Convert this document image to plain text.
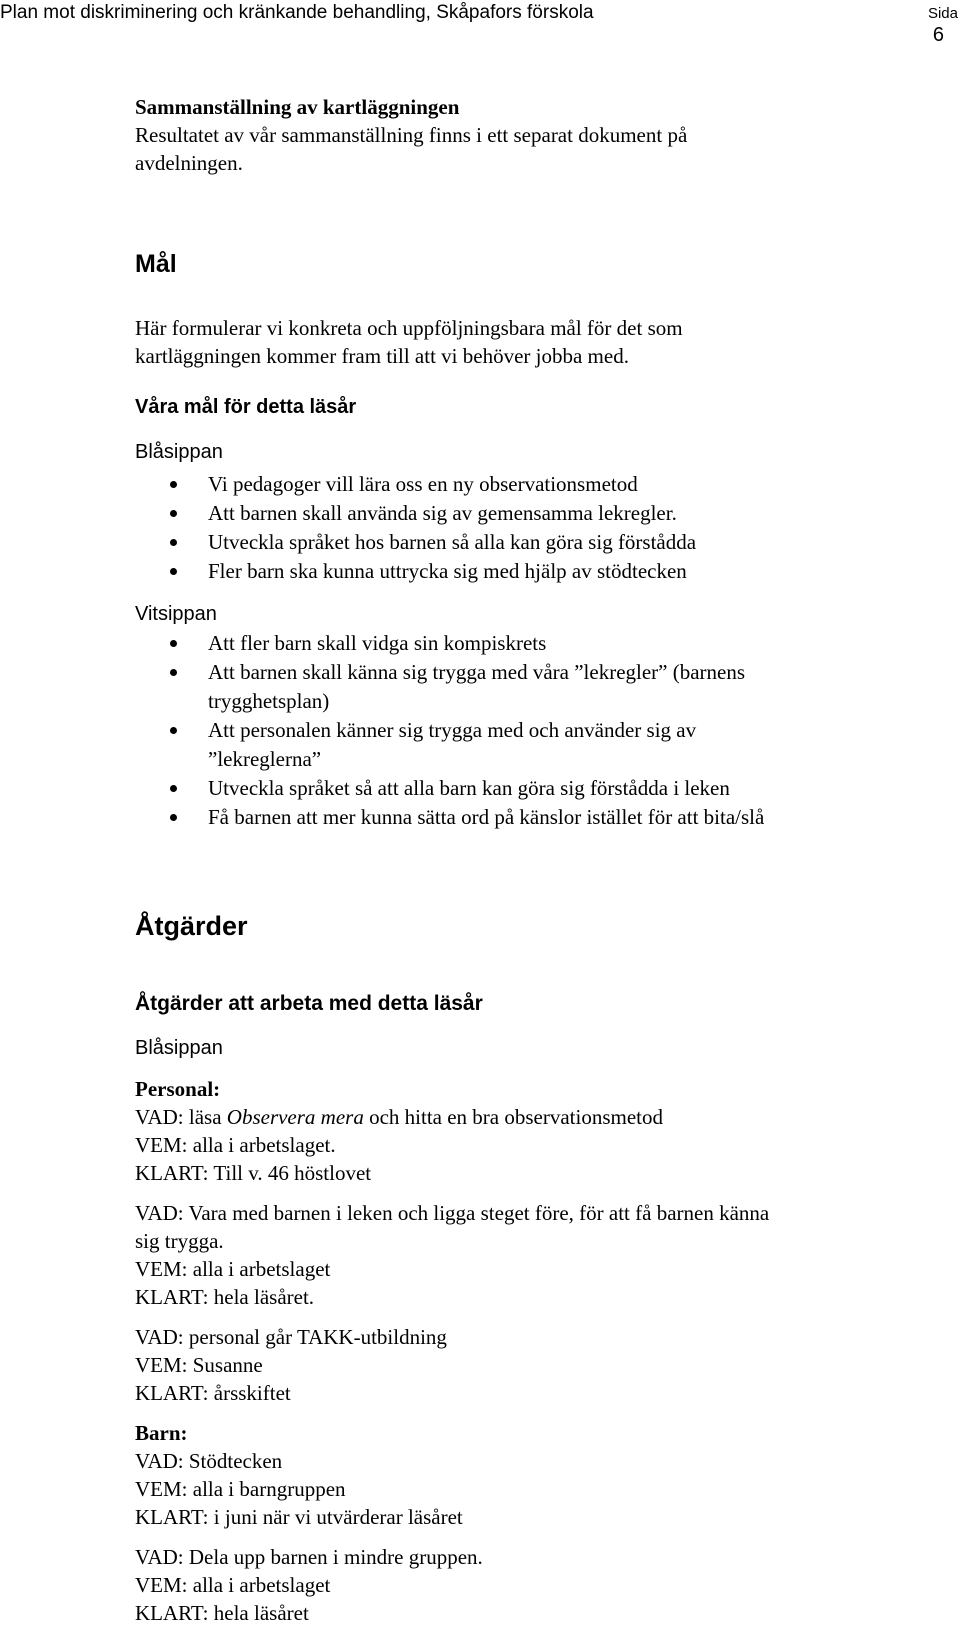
Plan mot diskriminering och kränkande behandling, Skåpafors förskola	Sida
6

Sammanställning av kartläggningen

Resultatet av vår sammanställning finns i ett separat dokument på

avdelningen.

Mål

Här formulerar vi konkreta och uppföljningsbara mål för det som

kartläggningen kommer fram till att vi behöver jobba med.

Våra mål för detta läsår

Blåsippan

Vi pedagoger vill lära oss en ny observationsmetod
Att barnen skall använda sig av gemensamma lekregler.
Utveckla språket hos barnen så alla kan göra sig förstådda
Fler barn ska kunna uttrycka sig med hjälp av stödtecken

Vitsippan

Att fler barn skall vidga sin kompiskrets
Att barnen skall känna sig trygga med våra ”lekregler” (barnens trygghetsplan)
Att personalen känner sig trygga med och använder sig av ”lekreglerna”
Utveckla språket så att alla barn kan göra sig förstådda i leken
Få barnen att mer kunna sätta ord på känslor istället för att bita/slå

Åtgärder

Åtgärder att arbeta med detta läsår

Blåsippan

Personal:

VAD: läsa Observera mera och hitta en bra observationsmetod

VEM: alla i arbetslaget.

KLART: Till v. 46 höstlovet

VAD: Vara med barnen i leken och ligga steget före, för att få barnen känna

sig trygga.

VEM: alla i arbetslaget

KLART: hela läsåret.

VAD: personal går TAKK-utbildning

VEM: Susanne

KLART: årsskiftet

Barn:

VAD: Stödtecken

VEM: alla i barngruppen

KLART: i juni när vi utvärderar läsåret

VAD: Dela upp barnen i mindre gruppen.

VEM: alla i arbetslaget

KLART: hela läsåret
